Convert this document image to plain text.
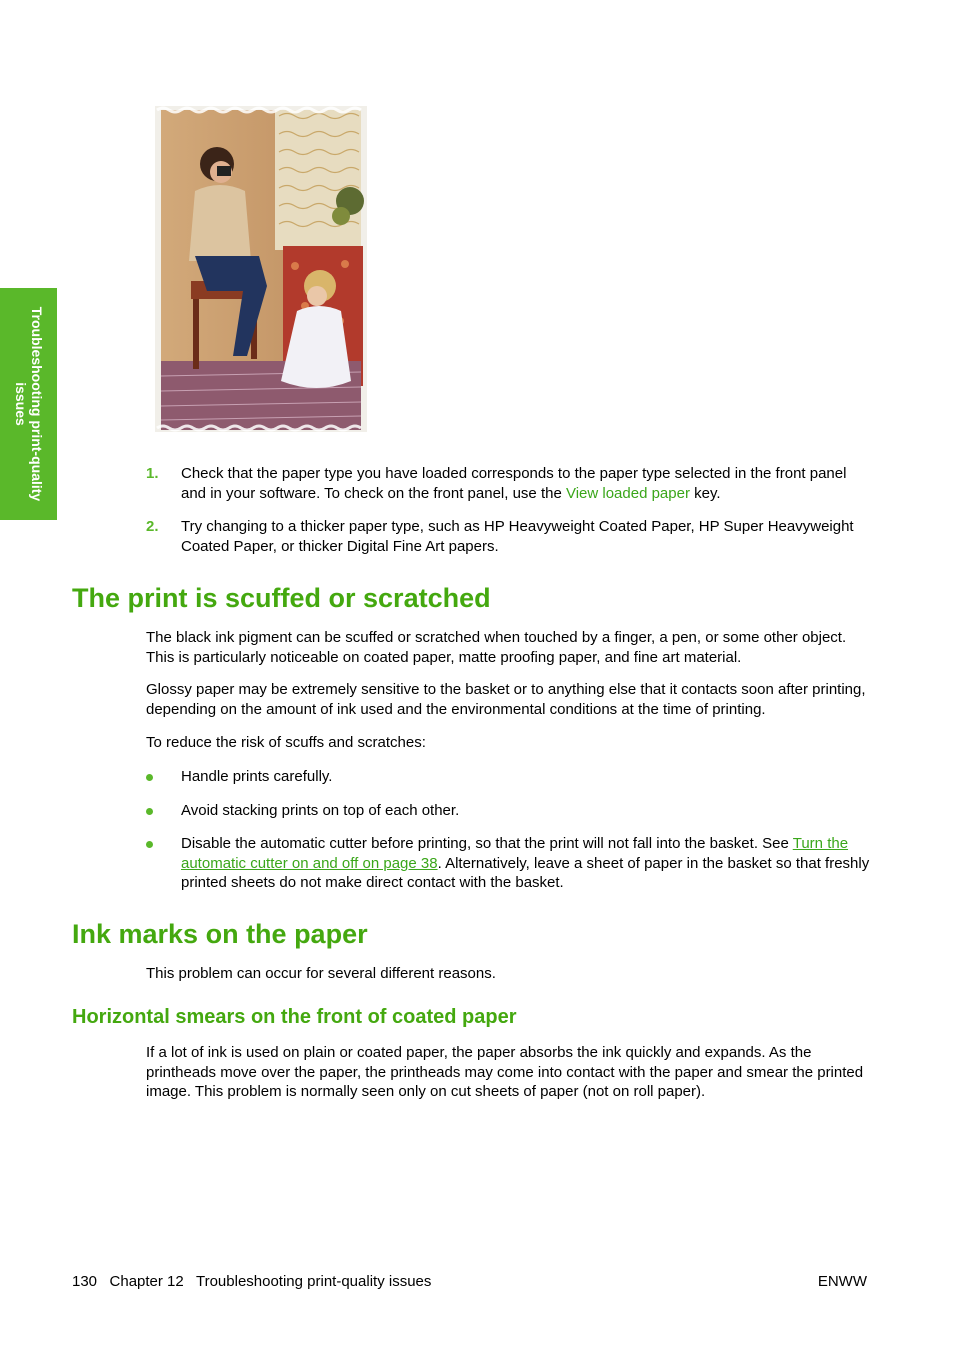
Troubleshooting print-quality issues
1. Check that the paper type you have loaded corresponds to the paper type selected in the front panel and in your software. To check on the front panel, use the View loaded paper key.
2. Try changing to a thicker paper type, such as HP Heavyweight Coated Paper, HP Super Heavyweight Coated Paper, or thicker Digital Fine Art papers.
The print is scuffed or scratched
The black ink pigment can be scuffed or scratched when touched by a finger, a pen, or some other object. This is particularly noticeable on coated paper, matte proofing paper, and fine art material.
Glossy paper may be extremely sensitive to the basket or to anything else that it contacts soon after printing, depending on the amount of ink used and the environmental conditions at the time of printing.
To reduce the risk of scuffs and scratches:
Handle prints carefully.
Avoid stacking prints on top of each other.
Disable the automatic cutter before printing, so that the print will not fall into the basket. See Turn the automatic cutter on and off on page 38. Alternatively, leave a sheet of paper in the basket so that freshly printed sheets do not make direct contact with the basket.
Ink marks on the paper
This problem can occur for several different reasons.
Horizontal smears on the front of coated paper
If a lot of ink is used on plain or coated paper, the paper absorbs the ink quickly and expands. As the printheads move over the paper, the printheads may come into contact with the paper and smear the printed image. This problem is normally seen only on cut sheets of paper (not on roll paper).
130   Chapter 12   Troubleshooting print-quality issues	ENWW
